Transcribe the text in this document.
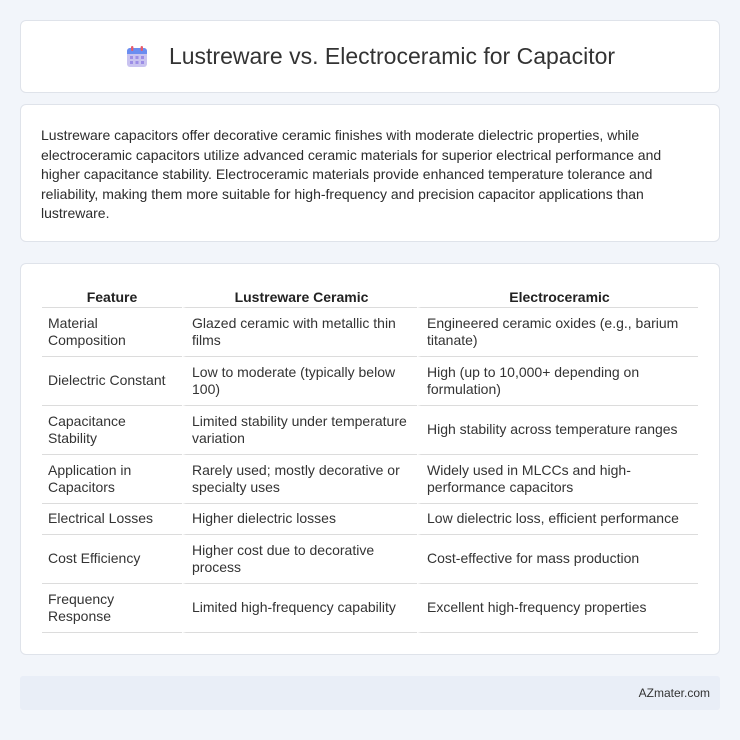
Lustreware vs. Electroceramic for Capacitor

Lustreware capacitors offer decorative ceramic finishes with moderate dielectric properties, while electroceramic capacitors utilize advanced ceramic materials for superior electrical performance and higher capacitance stability. Electroceramic materials provide enhanced temperature tolerance and reliability, making them more suitable for high-frequency and precision capacitor applications than lustreware.

Feature	Lustreware Ceramic	Electroceramic
Material Composition	Glazed ceramic with metallic thin films	Engineered ceramic oxides (e.g., barium titanate)
Dielectric Constant	Low to moderate (typically below 100)	High (up to 10,000+ depending on formulation)
Capacitance Stability	Limited stability under temperature variation	High stability across temperature ranges
Application in Capacitors	Rarely used; mostly decorative or specialty uses	Widely used in MLCCs and high-performance capacitors
Electrical Losses	Higher dielectric losses	Low dielectric loss, efficient performance
Cost Efficiency	Higher cost due to decorative process	Cost-effective for mass production
Frequency Response	Limited high-frequency capability	Excellent high-frequency properties
AZmater.com
